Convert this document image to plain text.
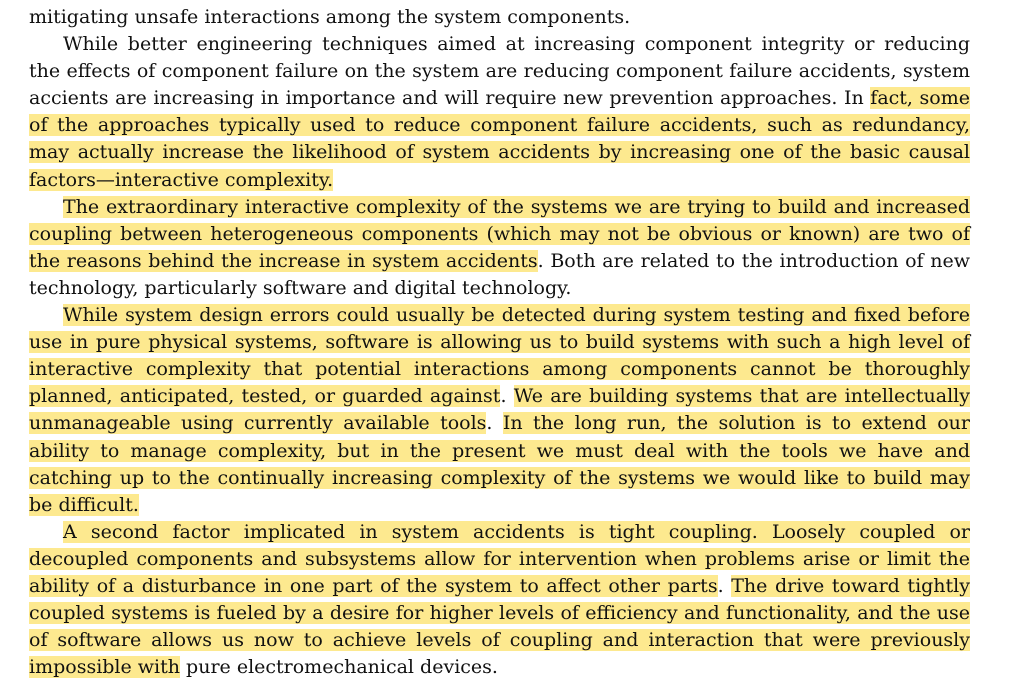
mitigating unsafe interactions among the system components.

While better engineering techniques aimed at increasing component integrity or reducing the effects of component failure on the system are reducing component failure accidents, system accients are increasing in importance and will require new prevention approaches. In fact, some of the approaches typically used to reduce component failure accidents, such as redundancy, may actually increase the likelihood of system accidents by increasing one of the basic causal factors—interactive complexity.

The extraordinary interactive complexity of the systems we are trying to build and increased coupling between heterogeneous components (which may not be obvious or known) are two of the reasons behind the increase in system accidents. Both are related to the introduction of new technology, particularly software and digital technology.

While system design errors could usually be detected during system testing and fixed before use in pure physical systems, software is allowing us to build systems with such a high level of interactive complexity that potential interactions among components cannot be thoroughly planned, anticipated, tested, or guarded against. We are building systems that are intellectually unmanageable using currently available tools. In the long run, the solution is to extend our ability to manage complexity, but in the present we must deal with the tools we have and catching up to the continually increasing complexity of the systems we would like to build may be difficult.

A second factor implicated in system accidents is tight coupling. Loosely coupled or decoupled components and subsystems allow for intervention when problems arise or limit the ability of a disturbance in one part of the system to affect other parts. The drive toward tightly coupled systems is fueled by a desire for higher levels of efficiency and functionality, and the use of software allows us now to achieve levels of coupling and interaction that were previously impossible with pure electromechanical devices.
